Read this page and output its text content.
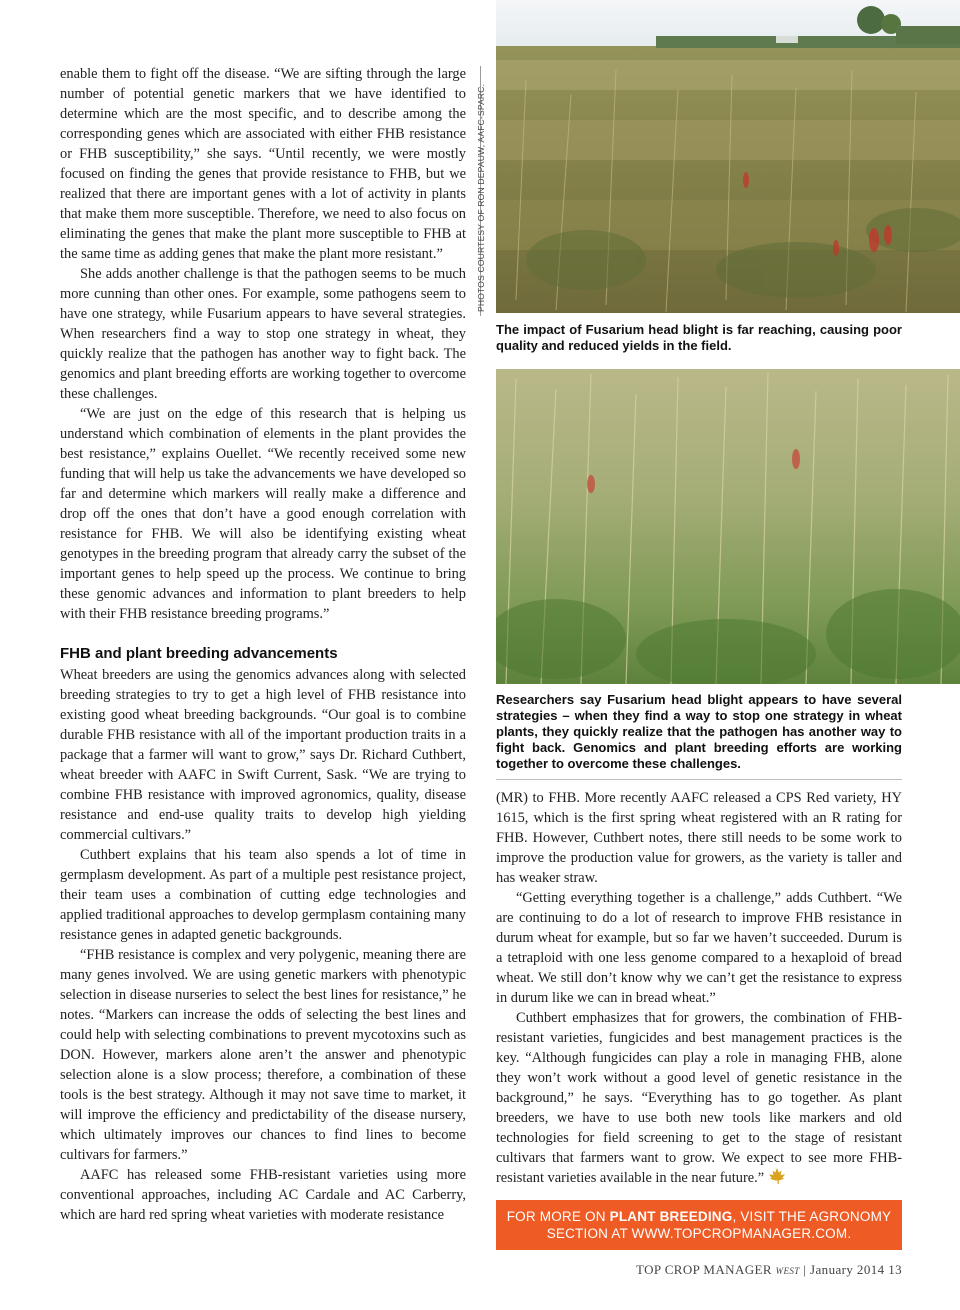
enable them to fight off the disease. “We are sifting through the large number of potential genetic markers that we have identified to determine which are the most specific, and to describe among the corresponding genes which are associated with either FHB resistance or FHB susceptibility,” she says. “Until recently, we were mostly focused on finding the genes that provide resistance to FHB, but we realized that there are important genes with a lot of activity in plants that make them more susceptible. Therefore, we need to also focus on eliminating the genes that make the plant more susceptible to FHB at the same time as adding genes that make the plant more resistant.”

She adds another challenge is that the pathogen seems to be much more cunning than other ones. For example, some pathogens seem to have one strategy, while Fusarium appears to have several strategies. When researchers find a way to stop one strategy in wheat, they quickly realize that the pathogen has another way to fight back. The genomics and plant breeding efforts are working together to overcome these challenges.

“We are just on the edge of this research that is helping us understand which combination of elements in the plant provides the best resistance,” explains Ouellet. “We recently received some new funding that will help us take the advancements we have developed so far and determine which markers will really make a difference and drop off the ones that don’t have a good enough correlation with resistance for FHB. We will also be identifying existing wheat genotypes in the breeding program that already carry the subset of the important genes to help speed up the process. We continue to bring these genomic advances and information to plant breeders to help with their FHB resistance breeding programs.”

FHB and plant breeding advancements

Wheat breeders are using the genomics advances along with selected breeding strategies to try to get a high level of FHB resistance into existing good wheat breeding backgrounds. “Our goal is to combine durable FHB resistance with all of the important production traits in a package that a farmer will want to grow,” says Dr. Richard Cuthbert, wheat breeder with AAFC in Swift Current, Sask. “We are trying to combine FHB resistance with improved agronomics, quality, disease resistance and end-use quality traits to develop high yielding commercial cultivars.”

Cuthbert explains that his team also spends a lot of time in germplasm development. As part of a multiple pest resistance project, their team uses a combination of cutting edge technologies and applied traditional approaches to develop germplasm containing many resistance genes in adapted genetic backgrounds.

“FHB resistance is complex and very polygenic, meaning there are many genes involved. We are using genetic markers with phenotypic selection in disease nurseries to select the best lines for resistance,” he notes. “Markers can increase the odds of selecting the best lines and could help with selecting combinations to prevent mycotoxins such as DON. However, markers alone aren’t the answer and phenotypic selection alone is a slow process; therefore, a combination of these tools is the best strategy. Although it may not save time to market, it will improve the efficiency and predictability of the disease nursery, which ultimately improves our chances to find lines to become cultivars for farmers.”

AAFC has released some FHB-resistant varieties using more conventional approaches, including AC Cardale and AC Carberry, which are hard red spring wheat varieties with moderate resistance

PHOTOS COURTESY OF RON DEPAUW, AAFC-SPARC.
The impact of Fusarium head blight is far reaching, causing poor quality and reduced yields in the field.
Researchers say Fusarium head blight appears to have several strategies – when they find a way to stop one strategy in wheat plants, they quickly realize that the pathogen has another way to fight back. Genomics and plant breeding efforts are working together to overcome these challenges.

(MR) to FHB. More recently AAFC released a CPS Red variety, HY 1615, which is the first spring wheat registered with an R rating for FHB. However, Cuthbert notes, there still needs to be some work to improve the production value for growers, as the variety is taller and has weaker straw.

“Getting everything together is a challenge,” adds Cuthbert. “We are continuing to do a lot of research to improve FHB resistance in durum wheat for example, but so far we haven’t succeeded. Durum is a tetraploid with one less genome compared to a hexaploid of bread wheat. We still don’t know why we can’t get the resistance to express in durum like we can in bread wheat.”

Cuthbert emphasizes that for growers, the combination of FHB-resistant varieties, fungicides and best management practices is the key. “Although fungicides can play a role in managing FHB, alone they won’t work without a good level of genetic resistance in the background,” he says. “Everything has to go together. As plant breeders, we have to use both new tools like markers and old technologies for field screening to get to the stage of resistant cultivars that farmers want to grow. We expect to see more FHB-resistant varieties available in the near future.”

FOR MORE ON PLANT BREEDING, VISIT THE AGRONOMY
SECTION AT WWW.TOPCROPMANAGER.COM.
TOP CROP MANAGER WEST | January 2014 13
